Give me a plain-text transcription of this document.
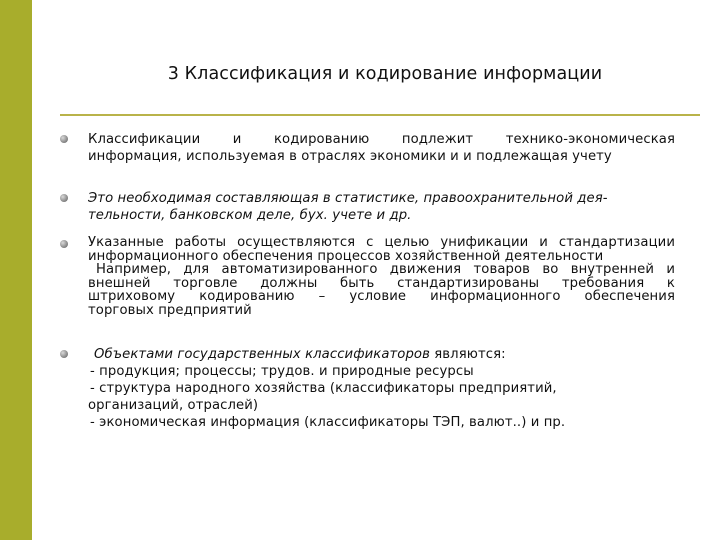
3 Классификация и кодирование информации
Классификации и кодированию подлежит технико-экономическая
информация, используемая в отраслях экономики и и подлежащая учету
Это необходимая составляющая в статистике, правоохранительной дея-
тельности, банковском деле, бух. учете и др.
Указанные работы осуществляются с целью унификации и стандартизации
информационного обеспечения процессов хозяйственной деятельности
Например, для автоматизированного движения товаров во внутренней и
внешней торговле должны быть стандартизированы требования к
штриховому кодированию – условие информационного обеспечения
торговых предприятий
Объектами государственных классификаторов являются:
- продукция; процессы; трудов. и природные ресурсы
- структура народного хозяйства (классификаторы предприятий,
организаций, отраслей)
- экономическая информация (классификаторы ТЭП, валют..) и пр.
